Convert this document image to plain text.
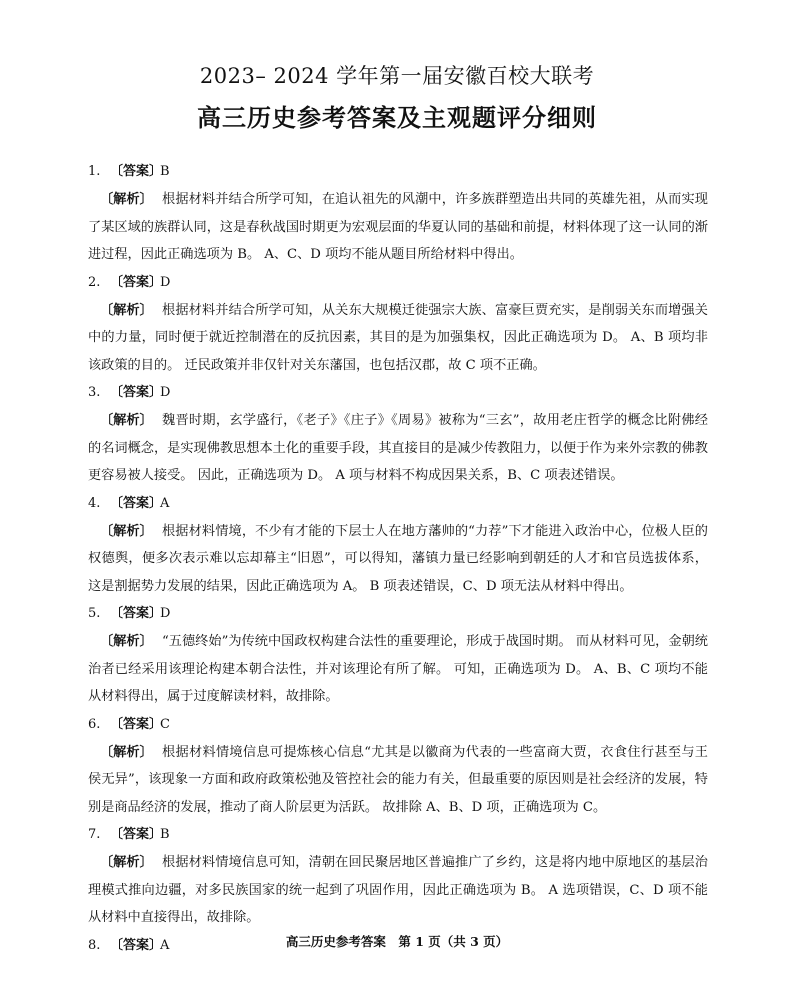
2023– 2024 学年第一届安徽百校大联考
高三历史参考答案及主观题评分细则
1. 〔答案〕B
〔解析〕 根据材料并结合所学可知，在追认祖先的风潮中，许多族群塑造出共同的英雄先祖，从而实现了某区域的族群认同，这是春秋战国时期更为宏观层面的华夏认同的基础和前提，材料体现了这一认同的渐进过程，因此正确选项为 B。 A、C、D 项均不能从题目所给材料中得出。
2. 〔答案〕D
〔解析〕 根据材料并结合所学可知，从关东大规模迁徙强宗大族、富豪巨贾充实，是削弱关东而增强关中的力量，同时便于就近控制潜在的反抗因素，其目的是为加强集权，因此正确选项为 D。 A、B 项均非该政策的目的。 迁民政策并非仅针对关东藩国，也包括汉郡，故 C 项不正确。
3. 〔答案〕D
〔解析〕 魏晋时期，玄学盛行，《老子》《庄子》《周易》被称为“三玄”，故用老庄哲学的概念比附佛经的名词概念，是实现佛教思想本土化的重要手段，其直接目的是减少传教阻力，以便于作为来外宗教的佛教更容易被人接受。 因此，正确选项为 D。 A 项与材料不构成因果关系，B、C 项表述错误。
4. 〔答案〕A
〔解析〕 根据材料情境，不少有才能的下层士人在地方藩帅的“力荐”下才能进入政治中心，位极人臣的权德舆，便多次表示难以忘却幕主“旧恩”，可以得知，藩镇力量已经影响到朝廷的人才和官员选拔体系，这是割据势力发展的结果，因此正确选项为 A。 B 项表述错误，C、D 项无法从材料中得出。
5. 〔答案〕D
〔解析〕 “五德终始”为传统中国政权构建合法性的重要理论，形成于战国时期。 而从材料可见，金朝统治者已经采用该理论构建本朝合法性，并对该理论有所了解。 可知，正确选项为 D。 A、B、C 项均不能从材料得出，属于过度解读材料，故排除。
6. 〔答案〕C
〔解析〕 根据材料情境信息可提炼核心信息“尤其是以徽商为代表的一些富商大贾，衣食住行甚至与王侯无异”，该现象一方面和政府政策松弛及管控社会的能力有关，但最重要的原因则是社会经济的发展，特别是商品经济的发展，推动了商人阶层更为活跃。 故排除 A、B、D 项，正确选项为 C。
7. 〔答案〕B
〔解析〕 根据材料情境信息可知，清朝在回民聚居地区普遍推广了乡约，这是将内地中原地区的基层治理模式推向边疆，对多民族国家的统一起到了巩固作用，因此正确选项为 B。 A 选项错误，C、D 项不能从材料中直接得出，故排除。
8. 〔答案〕A	高三历史参考答案　第 1 页（共 3 页）
